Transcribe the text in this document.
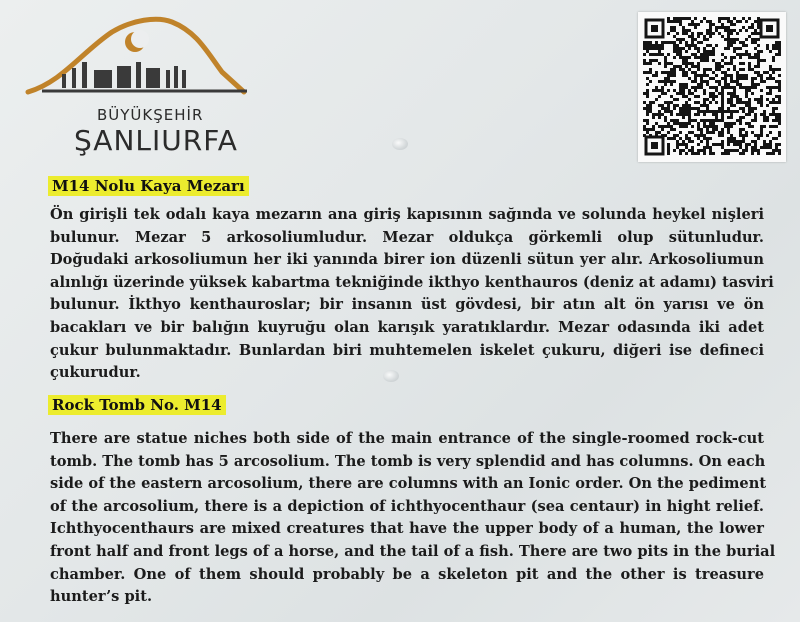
BÜYÜKŞEHİR
ŞANLIURFA
M14 Nolu Kaya Mezarı
Ön girişli tek odalı kaya mezarın ana giriş kapısının sağında ve solunda heykel nişleri
bulunur. Mezar 5 arkosoliumludur. Mezar oldukça görkemli olup sütunludur.
Doğudaki arkosoliumun her iki yanında birer ion düzenli sütun yer alır. Arkosoliumun
alınlığı üzerinde yüksek kabartma tekniğinde ikthyo kenthauros (deniz at adamı) tasviri
bulunur. İkthyo kenthauroslar; bir insanın üst gövdesi, bir atın alt ön yarısı ve ön
bacakları ve bir balığın kuyruğu olan karışık yaratıklardır. Mezar odasında iki adet
çukur bulunmaktadır. Bunlardan biri muhtemelen iskelet çukuru, diğeri ise defineci
çukurudur.
Rock Tomb No. M14
There are statue niches both side of the main entrance of the single-roomed rock-cut
tomb. The tomb has 5 arcosolium. The tomb is very splendid and has columns. On each
side of the eastern arcosolium, there are columns with an Ionic order. On the pediment
of the arcosolium, there is a depiction of ichthyocenthaur (sea centaur) in hight relief.
Ichthyocenthaurs are mixed creatures that have the upper body of a human, the lower
front half and front legs of a horse, and the tail of a fish. There are two pits in the burial
chamber. One of them should probably be a skeleton pit and the other is treasure
hunter’s pit.
